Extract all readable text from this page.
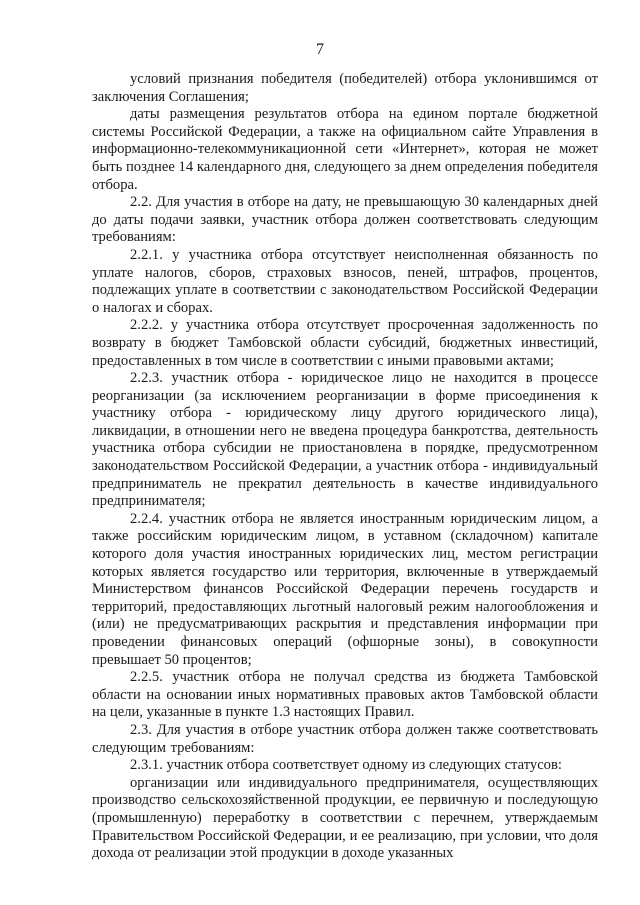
7

условий признания победителя (победителей) отбора уклонившимся от заключения Соглашения;

даты размещения результатов отбора на едином портале бюджетной системы Российской Федерации, а также на официальном сайте Управления в информационно-телекоммуникационной сети «Интернет», которая не может быть позднее 14 календарного дня, следующего за днем определения победителя отбора.

2.2. Для участия в отборе на дату, не превышающую 30 календарных дней до даты подачи заявки, участник отбора должен соответствовать следующим требованиям:

2.2.1. у участника отбора отсутствует неисполненная обязанность по уплате налогов, сборов, страховых взносов, пеней, штрафов, процентов, подлежащих уплате в соответствии с законодательством Российской Федерации о налогах и сборах.

2.2.2. у участника отбора отсутствует просроченная задолженность по возврату в бюджет Тамбовской области субсидий, бюджетных инвестиций, предоставленных в том числе в соответствии с иными правовыми актами;

2.2.3. участник отбора - юридическое лицо не находится в процессе реорганизации (за исключением реорганизации в форме присоединения к участнику отбора - юридическому лицу другого юридического лица), ликвидации, в отношении него не введена процедура банкротства, деятельность участника отбора субсидии не приостановлена в порядке, предусмотренном законодательством Российской Федерации, а участник отбора - индивидуальный предприниматель не прекратил деятельность в качестве индивидуального предпринимателя;

2.2.4. участник отбора не является иностранным юридическим лицом, а также российским юридическим лицом, в уставном (складочном) капитале которого доля участия иностранных юридических лиц, местом регистрации которых является государство или территория, включенные в утверждаемый Министерством финансов Российской Федерации перечень государств и территорий, предоставляющих льготный налоговый режим налогообложения и (или) не предусматривающих раскрытия и представления информации при проведении финансовых операций (офшорные зоны), в совокупности превышает 50 процентов;

2.2.5. участник отбора не получал средства из бюджета Тамбовской области на основании иных нормативных правовых актов Тамбовской области на цели, указанные в пункте 1.3 настоящих Правил.

2.3. Для участия в отборе участник отбора должен также соответствовать следующим требованиям:

2.3.1. участник отбора соответствует одному из следующих статусов:

организации или индивидуального предпринимателя, осуществляющих производство сельскохозяйственной продукции, ее первичную и последующую (промышленную) переработку в соответствии с перечнем, утверждаемым Правительством Российской Федерации, и ее реализацию, при условии, что доля дохода от реализации этой продукции в доходе указанных
